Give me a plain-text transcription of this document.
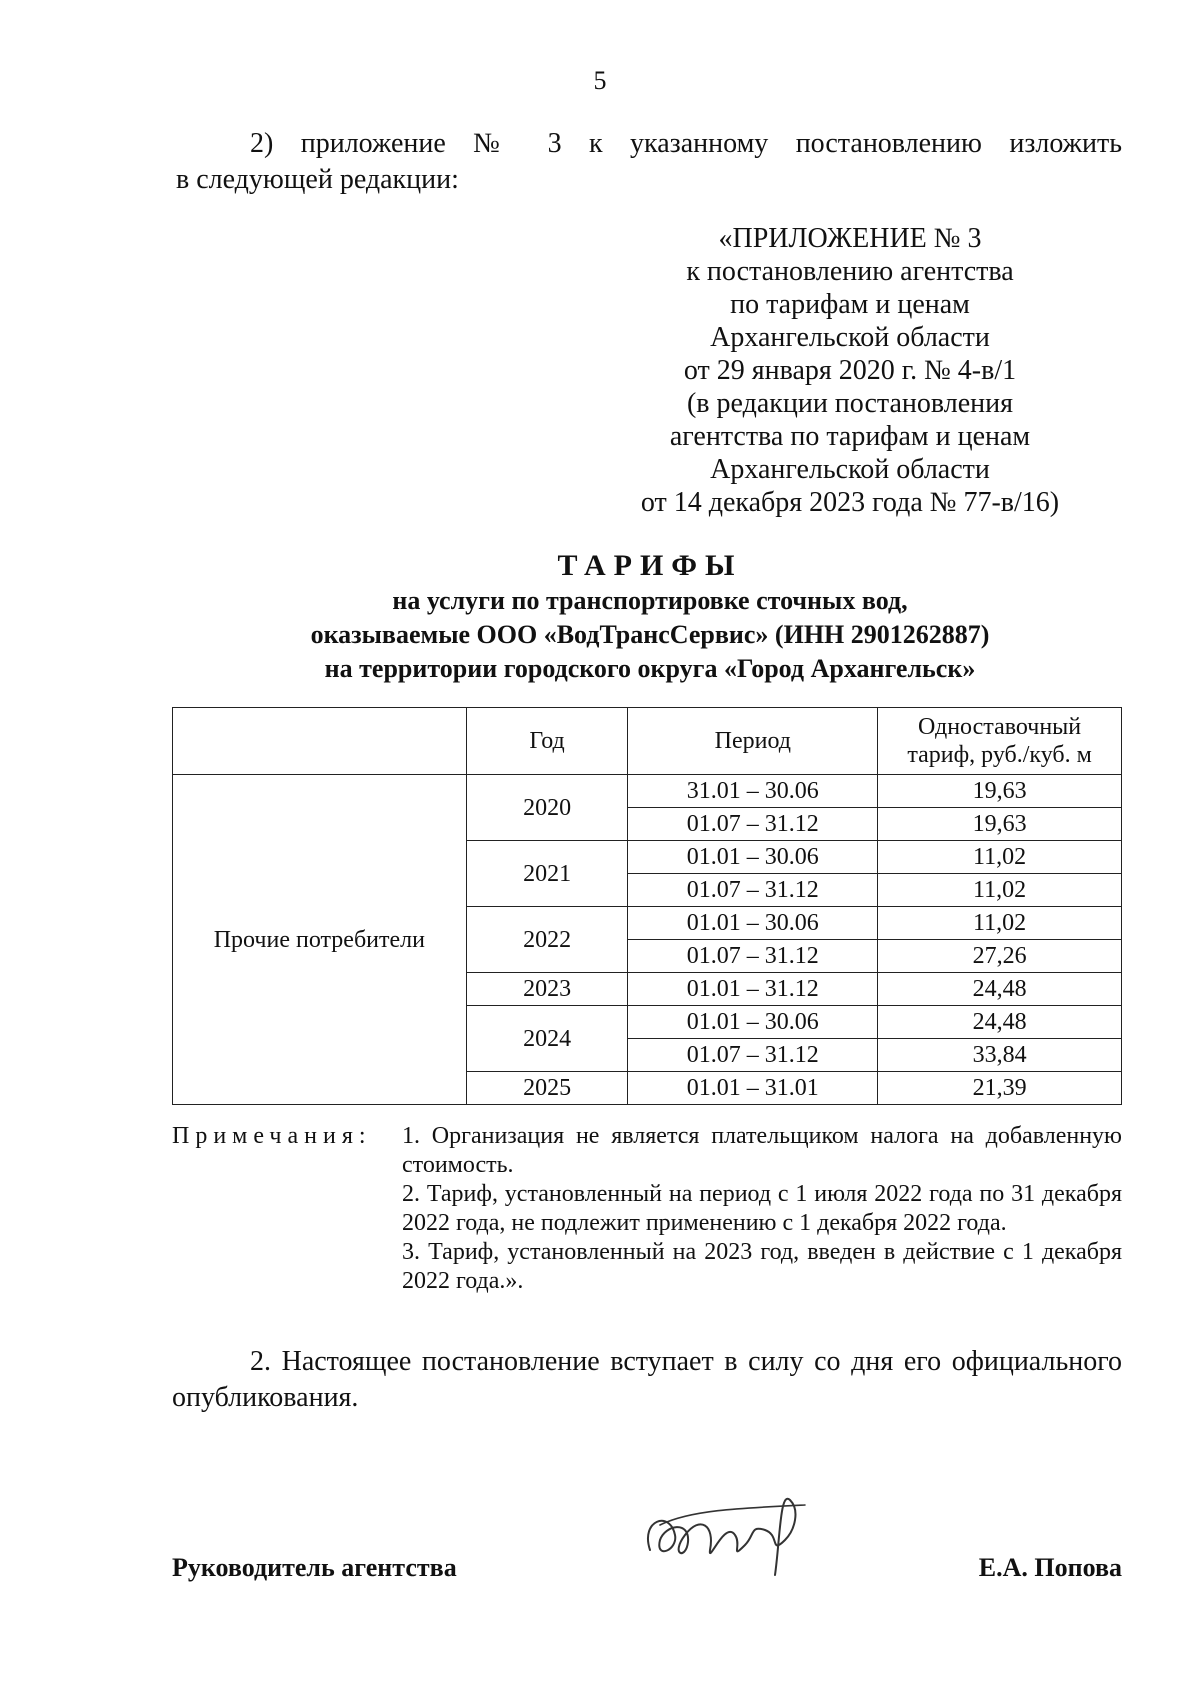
5
2) приложение № 3 к указанному постановлению изложить
в следующей редакции:
«ПРИЛОЖЕНИЕ № 3
к постановлению агентства
по тарифам и ценам
Архангельской области
от 29 января 2020 г. № 4-в/1
(в редакции постановления
агентства по тарифам и ценам
Архангельской области
от 14 декабря 2023 года № 77-в/16)
ТАРИФЫ
на услуги по транспортировке сточных вод,
оказываемые ООО «ВодТрансСервис» (ИНН 2901262887)
на территории городского округа «Город Архангельск»
	Год	Период	Одноставочный
тариф, руб./куб. м

Прочие потребители	2020	31.01 – 30.06	19,63
		01.07 – 31.12	19,63
	2021	01.01 – 30.06	11,02
		01.07 – 31.12	11,02
	2022	01.01 – 30.06	11,02
		01.07 – 31.12	27,26
	2023	01.01 – 31.12	24,48
	2024	01.01 – 30.06	24,48
		01.07 – 31.12	33,84
	2025	01.01 – 31.01	21,39
Примечания: 1. Организация не является плательщиком налога на добавленную стоимость.
2. Тариф, установленный на период с 1 июля 2022 года по 31 декабря 2022 года, не подлежит применению с 1 декабря 2022 года.
3. Тариф, установленный на 2023 год, введен в действие с 1 декабря 2022 года.».
2. Настоящее постановление вступает в силу со дня его официального опубликования.
Руководитель агентства	Е.А. Попова
